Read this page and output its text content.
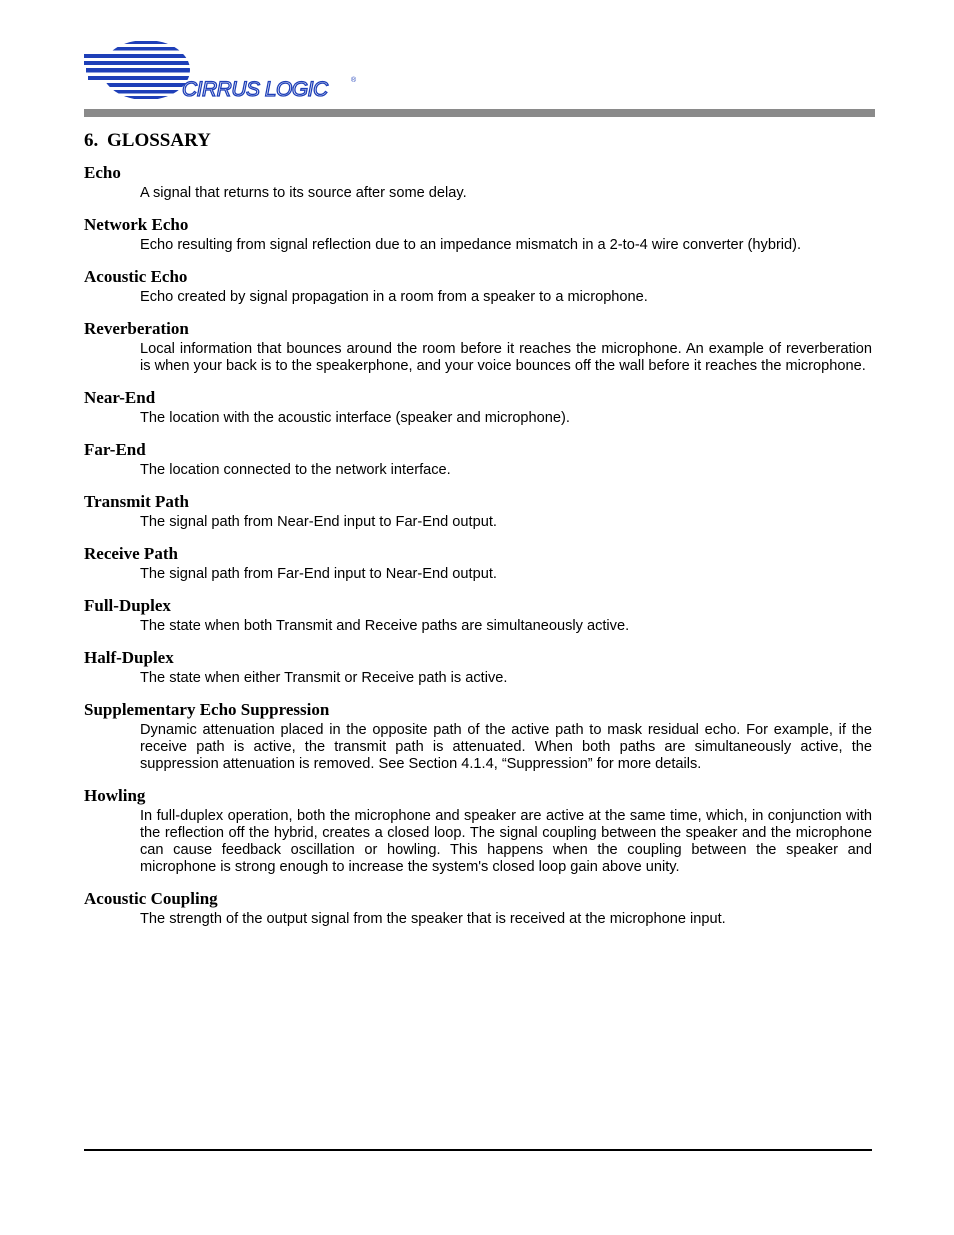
CIRRUS LOGIC	®
6. GLOSSARY
Echo
A signal that returns to its source after some delay.
Network Echo
Echo resulting from signal reflection due to an impedance mismatch in a 2-to-4 wire converter (hybrid).
Acoustic Echo
Echo created by signal propagation in a room from a speaker to a microphone.
Reverberation
Local information that bounces around the room before it reaches the microphone. An example of reverberation is when your back is to the speakerphone, and your voice bounces off the wall before it reaches the microphone.
Near-End
The location with the acoustic interface (speaker and microphone).
Far-End
The location connected to the network interface.
Transmit Path
The signal path from Near-End input to Far-End output.
Receive Path
The signal path from Far-End input to Near-End output.
Full-Duplex
The state when both Transmit and Receive paths are simultaneously active.
Half-Duplex
The state when either Transmit or Receive path is active.
Supplementary Echo Suppression
Dynamic attenuation placed in the opposite path of the active path to mask residual echo. For example, if the receive path is active, the transmit path is attenuated. When both paths are simultaneously active, the suppression attenuation is removed. See Section 4.1.4, “Suppression” for more details.
Howling
In full-duplex operation, both the microphone and speaker are active at the same time, which, in conjunction with the reflection off the hybrid, creates a closed loop. The signal coupling between the speaker and the microphone can cause feedback oscillation or howling. This happens when the coupling between the speaker and microphone is strong enough to increase the system's closed loop gain above unity.
Acoustic Coupling
The strength of the output signal from the speaker that is received at the microphone input.
